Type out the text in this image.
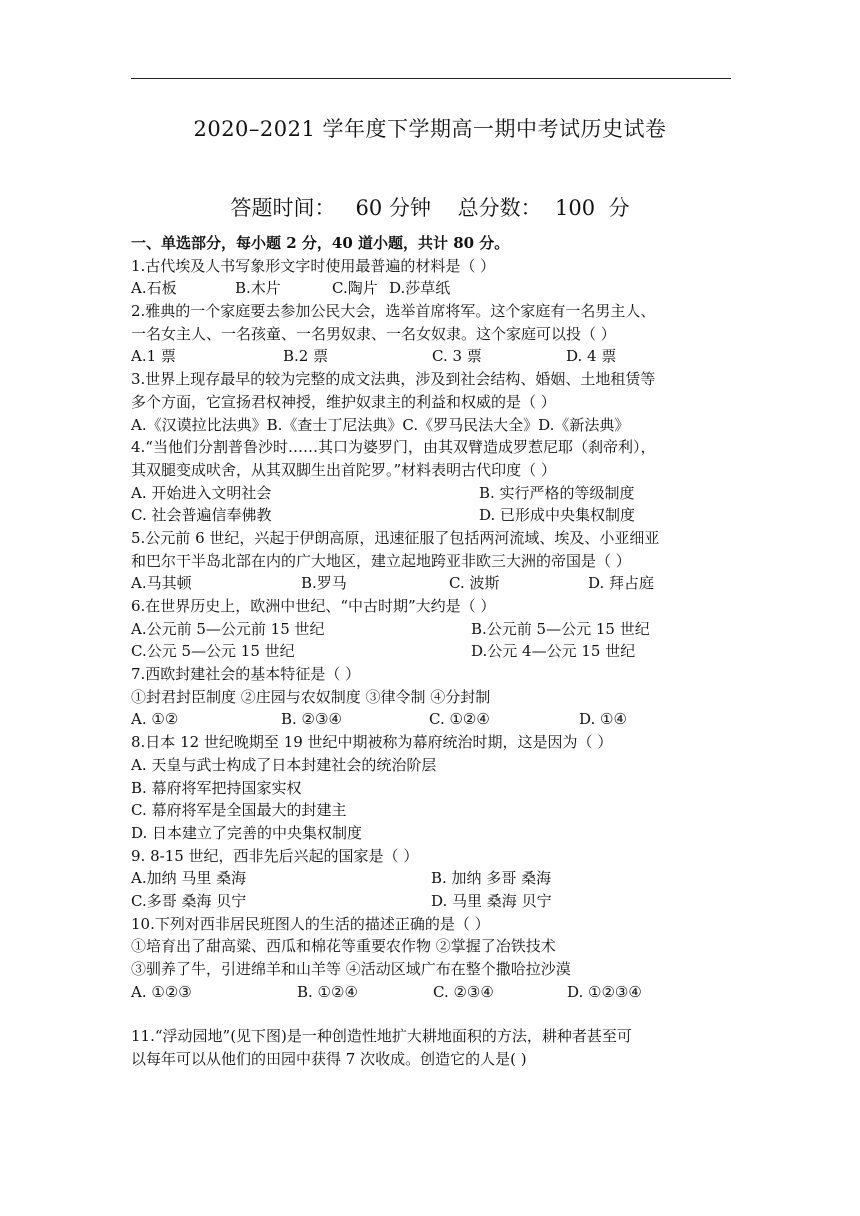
2020–2021 学年度下学期高一期中考试历史试卷
答题时间：   60 分钟    总分数：  100  分
一、单选部分，每小题 2 分，40 道小题，共计 80 分。
1.古代埃及人书写象形文字时使用最普遍的材料是（ ）
A.石板	B.木片	C.陶片 D.莎草纸
2.雅典的一个家庭要去参加公民大会，选举首席将军。这个家庭有一名男主人、
一名女主人、一名孩童、一名男奴隶、一名女奴隶。这个家庭可以投（ ）
A.1 票	B.2 票	C. 3 票	D. 4 票
3.世界上现存最早的较为完整的成文法典，涉及到社会结构、婚姻、土地租赁等
多个方面，它宣扬君权神授，维护奴隶主的利益和权威的是（ ）
A.《汉谟拉比法典》B.《查士丁尼法典》C.《罗马民法大全》D.《新法典》
4.“当他们分割普鲁沙时……其口为婆罗门，由其双臂造成罗惹尼耶（刹帝利），
其双腿变成吠舍，从其双脚生出首陀罗。”材料表明古代印度（ ）
A. 开始进入文明社会	B. 实行严格的等级制度
C. 社会普遍信奉佛教	D. 已形成中央集权制度
5.公元前 6 世纪，兴起于伊朗高原，迅速征服了包括两河流域、埃及、小亚细亚
和巴尔干半岛北部在内的广大地区，建立起地跨亚非欧三大洲的帝国是（ ）
A.马其顿	B.罗马	C. 波斯	D. 拜占庭
6.在世界历史上，欧洲中世纪、“中古时期”大约是（ ）
A.公元前 5—公元前 15 世纪	B.公元前 5—公元 15 世纪
C.公元 5—公元 15 世纪	D.公元 4—公元 15 世纪
7.西欧封建社会的基本特征是（ ）
①封君封臣制度 ②庄园与农奴制度 ③律令制 ④分封制
A. ①②	B. ②③④	C. ①②④	D. ①④
8.日本 12 世纪晚期至 19 世纪中期被称为幕府统治时期，这是因为（ ）
A. 天皇与武士构成了日本封建社会的统治阶层
B. 幕府将军把持国家实权
C. 幕府将军是全国最大的封建主
D. 日本建立了完善的中央集权制度
9. 8-15 世纪，西非先后兴起的国家是（ ）
A.加纳 马里 桑海	B. 加纳 多哥 桑海
C.多哥 桑海 贝宁	D. 马里 桑海 贝宁
10.下列对西非居民班图人的生活的描述正确的是（ ）
①培育出了甜高粱、西瓜和棉花等重要农作物 ②掌握了冶铁技术
③驯养了牛，引进绵羊和山羊等 ④活动区域广布在整个撒哈拉沙漠
A. ①②③	B. ①②④	C. ②③④	D. ①②③④
11.“浮动园地”(见下图)是一种创造性地扩大耕地面积的方法，耕种者甚至可
以每年可以从他们的田园中获得 7 次收成。创造它的人是( )
